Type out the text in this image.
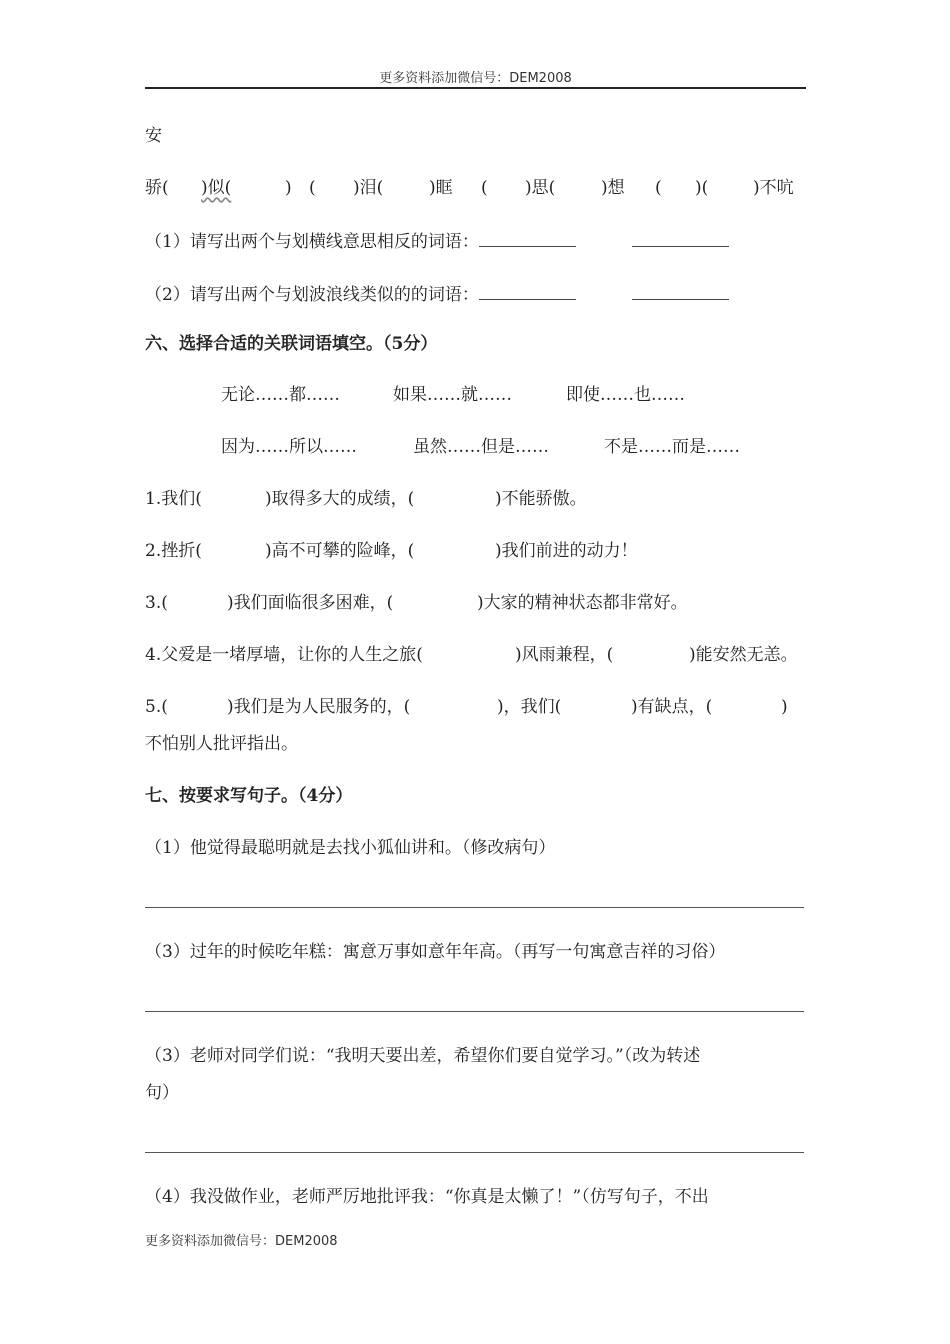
更多资料添加微信号：DEM2008
安
骄( )似(	) ( )泪(	)眶 ( )思(	)想 ( )(	)不吭
（1）请写出两个与划横线意思相反的词语：
（2）请写出两个与划波浪线类似的的词语：
六、选择合适的关联词语填空。（5分）
无论……都……	如果……就……	即使……也……
因为……所以……	虽然……但是……	不是……而是……
1.我们(	)取得多大的成绩，(	)不能骄傲。
2.挫折(	)高不可攀的险峰，(	)我们前进的动力！
3.(	)我们面临很多困难，(	)大家的精神状态都非常好。
4.父爱是一堵厚墙，让你的人生之旅(	)风雨兼程，(	)能安然无恙。
5.(	)我们是为人民服务的，(	)，我们(	)有缺点，(	)
不怕别人批评指出。
七、按要求写句子。（4分）
（1）他觉得最聪明就是去找小狐仙讲和。（修改病句）
（3）过年的时候吃年糕：寓意万事如意年年高。（再写一句寓意吉祥的习俗）
（3）老师对同学们说：“我明天要出差，希望你们要自觉学习。”（改为转述
句）
（4）我没做作业，老师严厉地批评我：“你真是太懒了！”（仿写句子，不出
更多资料添加微信号：DEM2008
